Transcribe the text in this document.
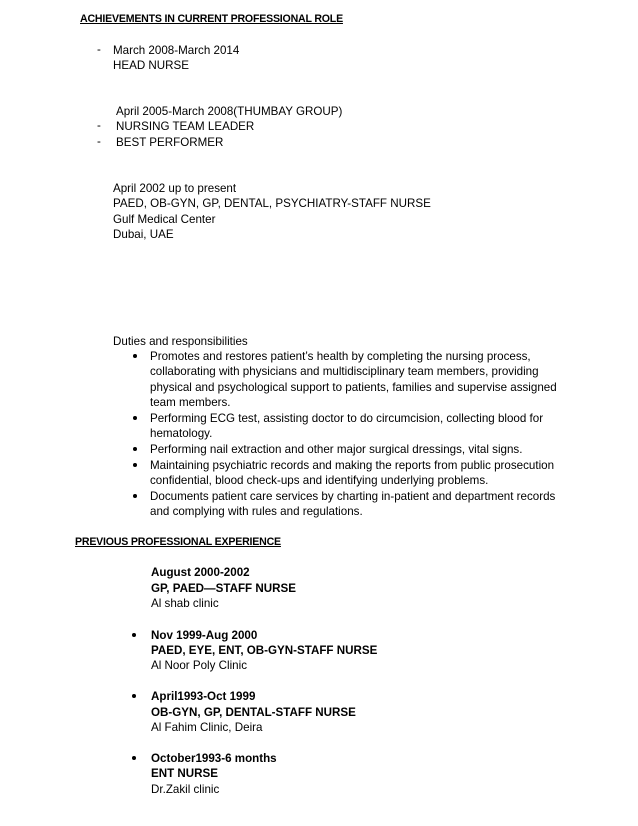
ACHIEVEMENTS IN CURRENT PROFESSIONAL ROLE
- March 2008-March 2014
HEAD NURSE
April 2005-March 2008(THUMBAY GROUP)
- NURSING TEAM LEADER
- BEST PERFORMER
April 2002 up to present
PAED, OB-GYN, GP, DENTAL, PSYCHIATRY-STAFF NURSE
Gulf Medical Center
Dubai, UAE
Duties and responsibilities
Promotes and restores patient’s health by completing the nursing process,
collaborating with physicians and multidisciplinary team members, providing
physical and psychological support to patients, families and supervise assigned
team members.
Performing ECG test, assisting doctor to do circumcision, collecting blood for
hematology.
Performing nail extraction and other major surgical dressings, vital signs.
Maintaining psychiatric records and making the reports from public prosecution
confidential, blood check-ups and identifying underlying problems.
Documents patient care services by charting in-patient and department records
and complying with rules and regulations.
PREVIOUS PROFESSIONAL EXPERIENCE
August 2000-2002
GP, PAED—STAFF NURSE
Al shab clinic
Nov 1999-Aug 2000
PAED, EYE, ENT, OB-GYN-STAFF NURSE
Al Noor Poly Clinic
April1993-Oct 1999
OB-GYN, GP, DENTAL-STAFF NURSE
Al Fahim Clinic, Deira
October1993-6 months
ENT NURSE
Dr.Zakil clinic
